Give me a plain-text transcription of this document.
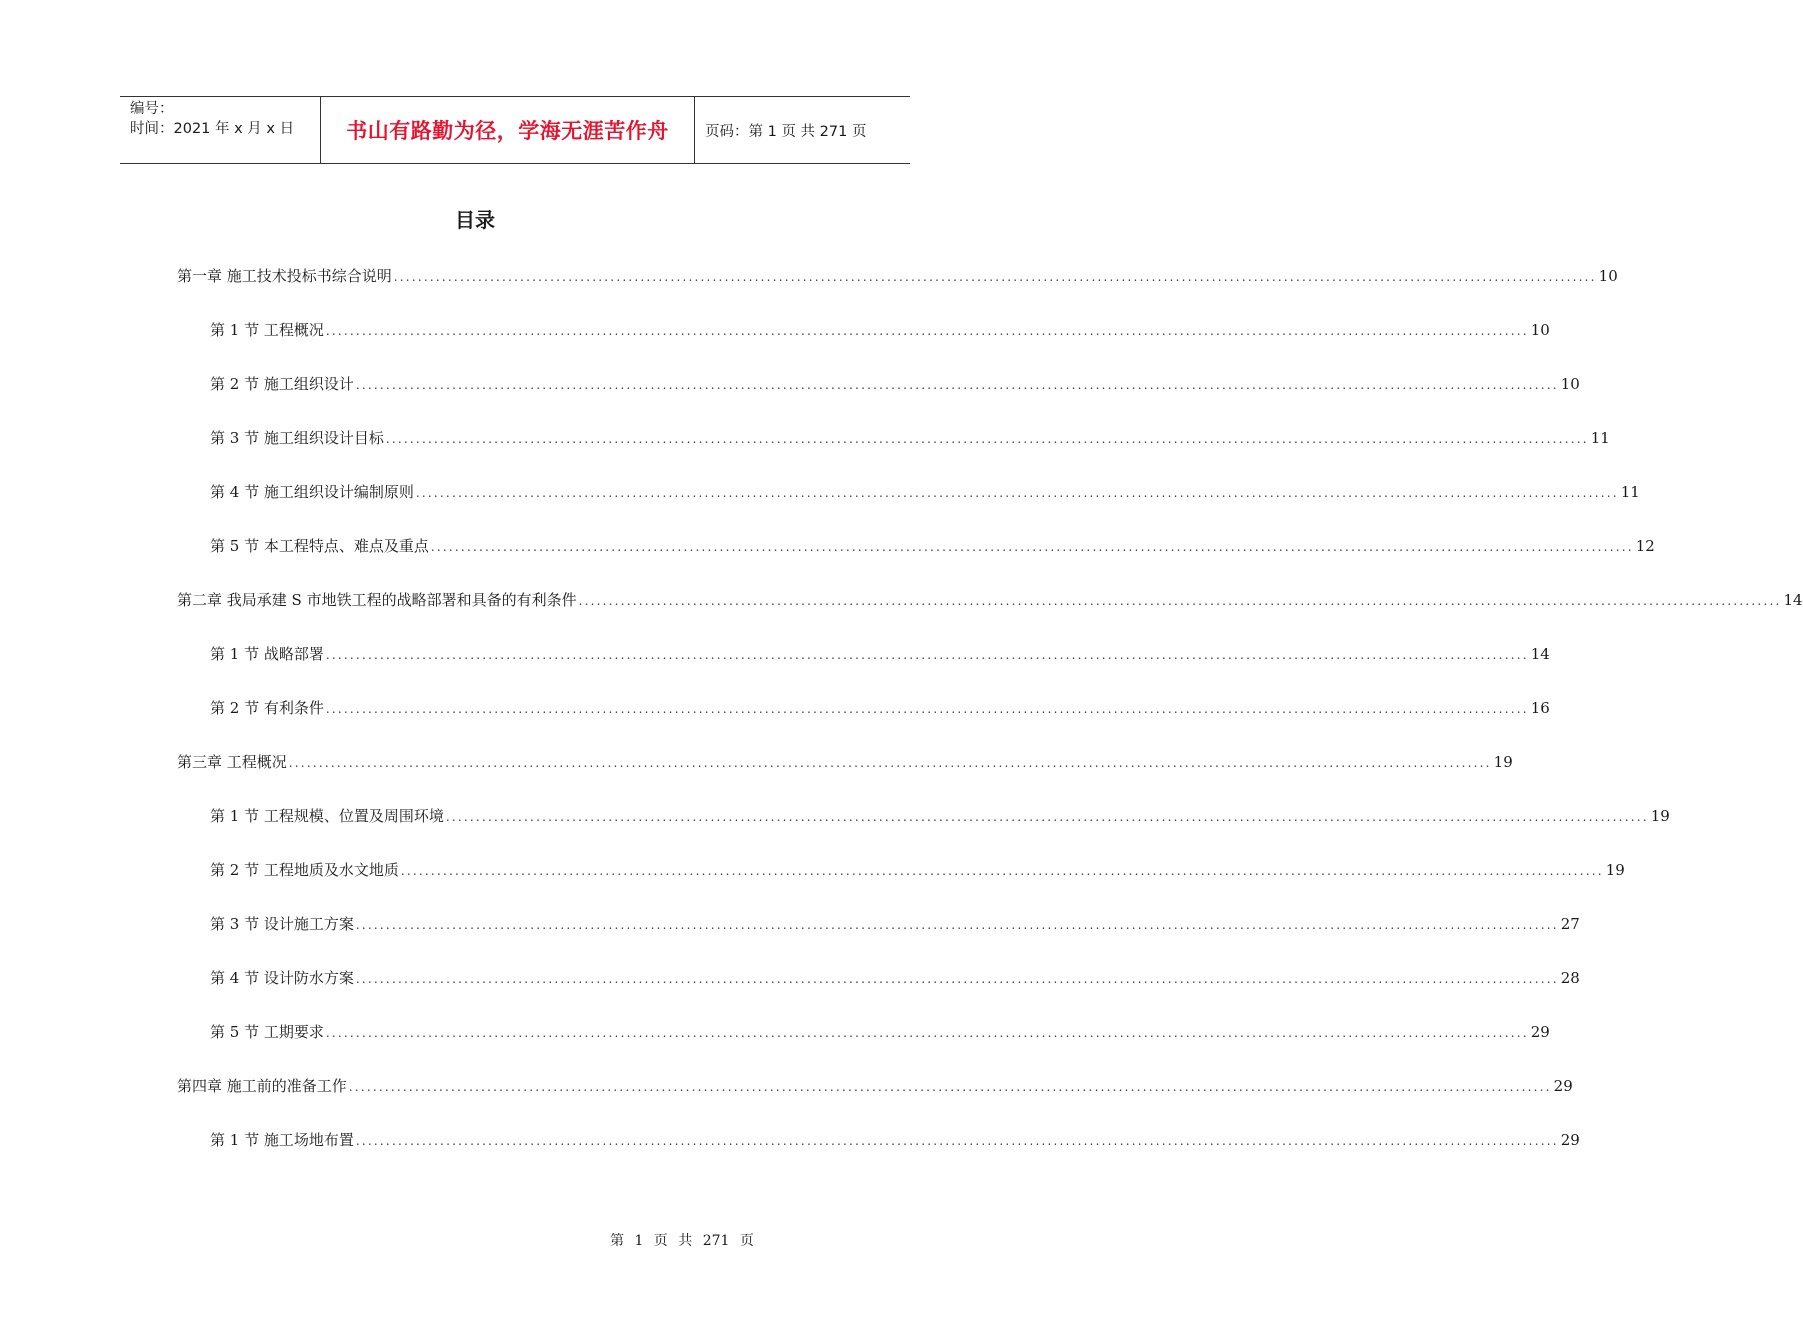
编号：
时间：2021 年 x 月 x 日	书山有路勤为径，学海无涯苦作舟	页码：第 1 页 共 271 页
目录
第一章 施工技术投标书综合说明 ........................................................................................................................................................................................................ 10
第 1 节 工程概况 ........................................................................................................................................................................................................ 10
第 2 节 施工组织设计 ........................................................................................................................................................................................................ 10
第 3 节 施工组织设计目标 ........................................................................................................................................................................................................ 11
第 4 节 施工组织设计编制原则 ........................................................................................................................................................................................................ 11
第 5 节 本工程特点、难点及重点 ........................................................................................................................................................................................................ 12
第二章 我局承建 S 市地铁工程的战略部署和具备的有利条件 ........................................................................................................................................................................................................ 14
第 1 节 战略部署 ........................................................................................................................................................................................................ 14
第 2 节 有利条件 ........................................................................................................................................................................................................ 16
第三章 工程概况 ........................................................................................................................................................................................................ 19
第 1 节 工程规模、位置及周围环境 ........................................................................................................................................................................................................ 19
第 2 节 工程地质及水文地质 ........................................................................................................................................................................................................ 19
第 3 节 设计施工方案 ........................................................................................................................................................................................................ 27
第 4 节 设计防水方案 ........................................................................................................................................................................................................ 28
第 5 节 工期要求 ........................................................................................................................................................................................................ 29
第四章 施工前的准备工作 ........................................................................................................................................................................................................ 29
第 1 节 施工场地布置 ........................................................................................................................................................................................................ 29
第 1 页 共 271 页
